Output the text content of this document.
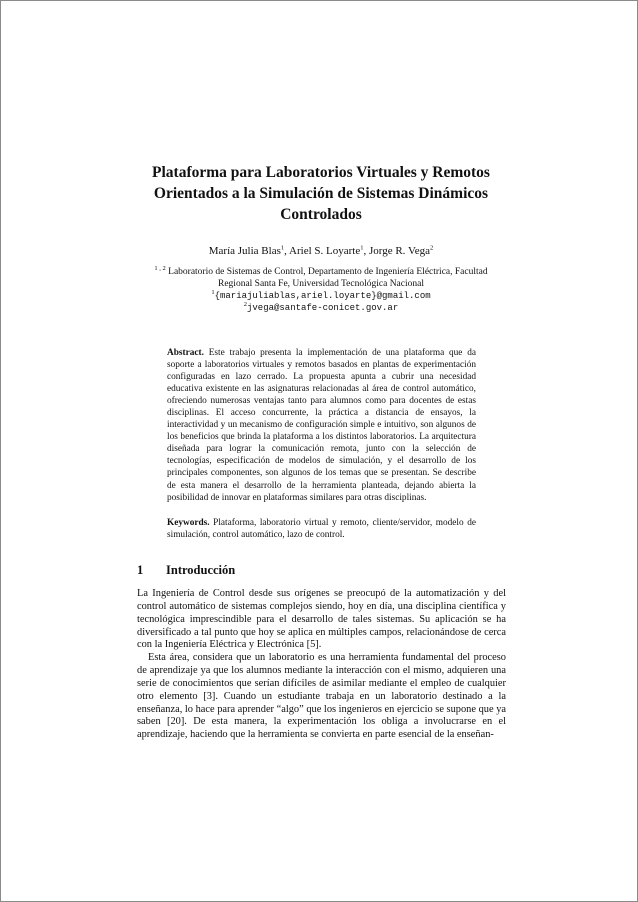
Plataforma para Laboratorios Virtuales y Remotos
Orientados a la Simulación de Sistemas Dinámicos
Controlados
María Julia Blas$^1$, Ariel S. Loyarte$^1$, Jorge R. Vega$^2$
$^{1 , 2}$ Laboratorio de Sistemas de Control, Departamento de Ingeniería Eléctrica, Facultad
Regional Santa Fe, Universidad Tecnológica Nacional
$^1${mariajuliablas,ariel.loyarte}@gmail.com
$^2$jvega@santafe-conicet.gov.ar
Abstract. Este trabajo presenta la implementación de una plataforma que da soporte a laboratorios virtuales y remotos basados en plantas de experimentación configuradas en lazo cerrado. La propuesta apunta a cubrir una necesidad educativa existente en las asignaturas relacionadas al área de control automático, ofreciendo numerosas ventajas tanto para alumnos como para docentes de estas disciplinas. El acceso concurrente, la práctica a distancia de ensayos, la interactividad y un mecanismo de configuración simple e intuitivo, son algunos de los beneficios que brinda la plataforma a los distintos laboratorios. La arquitectura diseñada para lograr la comunicación remota, junto con la selección de tecnologías, especificación de modelos de simulación, y el desarrollo de los principales componentes, son algunos de los temas que se presentan. Se describe de esta manera el desarrollo de la herramienta planteada, dejando abierta la posibilidad de innovar en plataformas similares para otras disciplinas.
Keywords. Plataforma, laboratorio virtual y remoto, cliente/servidor, modelo de simulación, control automático, lazo de control.
1 Introducción

La Ingeniería de Control desde sus orígenes se preocupó de la automatización y del control automático de sistemas complejos siendo, hoy en día, una disciplina científica y tecnológica imprescindible para el desarrollo de tales sistemas. Su aplicación se ha diversificado a tal punto que hoy se aplica en múltiples campos, relacionándose de cerca con la Ingeniería Eléctrica y Electrónica [5].

Esta área, considera que un laboratorio es una herramienta fundamental del proceso de aprendizaje ya que los alumnos mediante la interacción con el mismo, adquieren una serie de conocimientos que serían difíciles de asimilar mediante el empleo de cualquier otro elemento [3]. Cuando un estudiante trabaja en un laboratorio destinado a la enseñanza, lo hace para aprender “algo” que los ingenieros en ejercicio se supone que ya saben [20]. De esta manera, la experimentación los obliga a involucrarse en el aprendizaje, haciendo que la herramienta se convierta en parte esencial de la enseñan-
